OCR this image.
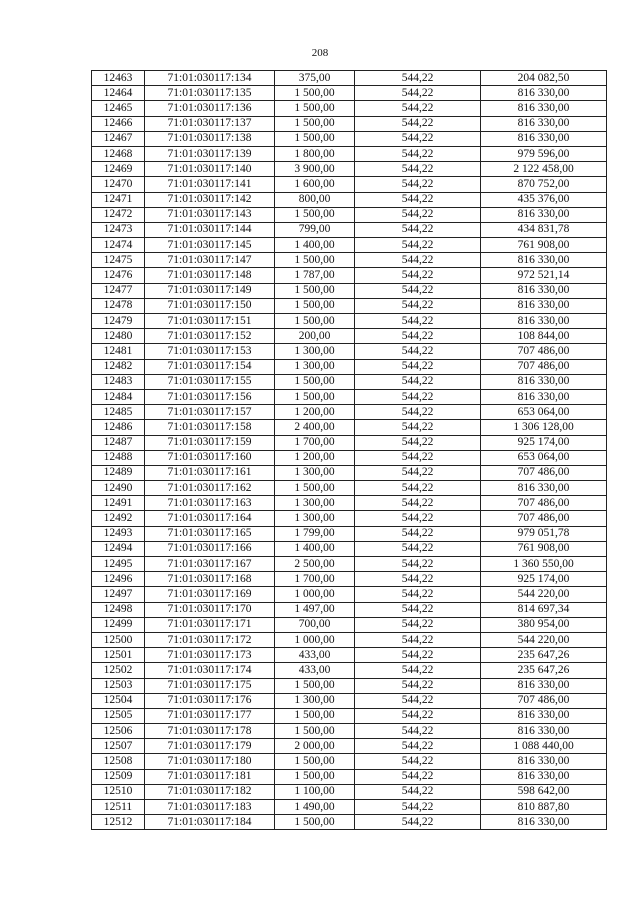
208
12463	71:01:030117:134	375,00	544,22	204 082,50
12464	71:01:030117:135	1 500,00	544,22	816 330,00
12465	71:01:030117:136	1 500,00	544,22	816 330,00
12466	71:01:030117:137	1 500,00	544,22	816 330,00
12467	71:01:030117:138	1 500,00	544,22	816 330,00
12468	71:01:030117:139	1 800,00	544,22	979 596,00
12469	71:01:030117:140	3 900,00	544,22	2 122 458,00
12470	71:01:030117:141	1 600,00	544,22	870 752,00
12471	71:01:030117:142	800,00	544,22	435 376,00
12472	71:01:030117:143	1 500,00	544,22	816 330,00
12473	71:01:030117:144	799,00	544,22	434 831,78
12474	71:01:030117:145	1 400,00	544,22	761 908,00
12475	71:01:030117:147	1 500,00	544,22	816 330,00
12476	71:01:030117:148	1 787,00	544,22	972 521,14
12477	71:01:030117:149	1 500,00	544,22	816 330,00
12478	71:01:030117:150	1 500,00	544,22	816 330,00
12479	71:01:030117:151	1 500,00	544,22	816 330,00
12480	71:01:030117:152	200,00	544,22	108 844,00
12481	71:01:030117:153	1 300,00	544,22	707 486,00
12482	71:01:030117:154	1 300,00	544,22	707 486,00
12483	71:01:030117:155	1 500,00	544,22	816 330,00
12484	71:01:030117:156	1 500,00	544,22	816 330,00
12485	71:01:030117:157	1 200,00	544,22	653 064,00
12486	71:01:030117:158	2 400,00	544,22	1 306 128,00
12487	71:01:030117:159	1 700,00	544,22	925 174,00
12488	71:01:030117:160	1 200,00	544,22	653 064,00
12489	71:01:030117:161	1 300,00	544,22	707 486,00
12490	71:01:030117:162	1 500,00	544,22	816 330,00
12491	71:01:030117:163	1 300,00	544,22	707 486,00
12492	71:01:030117:164	1 300,00	544,22	707 486,00
12493	71:01:030117:165	1 799,00	544,22	979 051,78
12494	71:01:030117:166	1 400,00	544,22	761 908,00
12495	71:01:030117:167	2 500,00	544,22	1 360 550,00
12496	71:01:030117:168	1 700,00	544,22	925 174,00
12497	71:01:030117:169	1 000,00	544,22	544 220,00
12498	71:01:030117:170	1 497,00	544,22	814 697,34
12499	71:01:030117:171	700,00	544,22	380 954,00
12500	71:01:030117:172	1 000,00	544,22	544 220,00
12501	71:01:030117:173	433,00	544,22	235 647,26
12502	71:01:030117:174	433,00	544,22	235 647,26
12503	71:01:030117:175	1 500,00	544,22	816 330,00
12504	71:01:030117:176	1 300,00	544,22	707 486,00
12505	71:01:030117:177	1 500,00	544,22	816 330,00
12506	71:01:030117:178	1 500,00	544,22	816 330,00
12507	71:01:030117:179	2 000,00	544,22	1 088 440,00
12508	71:01:030117:180	1 500,00	544,22	816 330,00
12509	71:01:030117:181	1 500,00	544,22	816 330,00
12510	71:01:030117:182	1 100,00	544,22	598 642,00
12511	71:01:030117:183	1 490,00	544,22	810 887,80
12512	71:01:030117:184	1 500,00	544,22	816 330,00
